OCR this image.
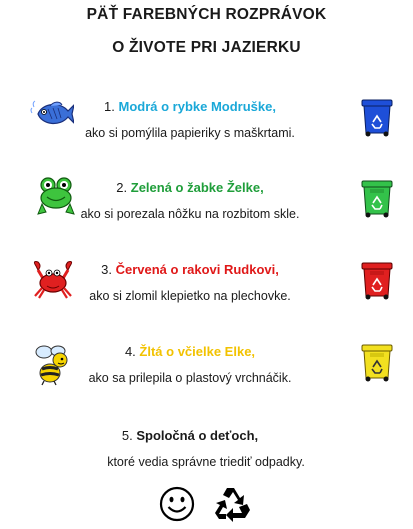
PÄŤ FAREBNÝCH ROZPRÁVOK
O ŽIVOTE PRI JAZIERKU
1. Modrá o rybke Modruške,
ako si pomýlila papieriky s maškrtami.
2. Zelená o žabke Želke,
ako si porezala nôžku na rozbitom skle.
3. Červená o rakovi Rudkovi,
ako si zlomil klepietko na plechovke.
4. Žltá o včielke Elke,
ako sa prilepila o plastový vrchnáčik.
5. Spoločná o deťoch,
ktoré vedia správne triediť odpadky.
